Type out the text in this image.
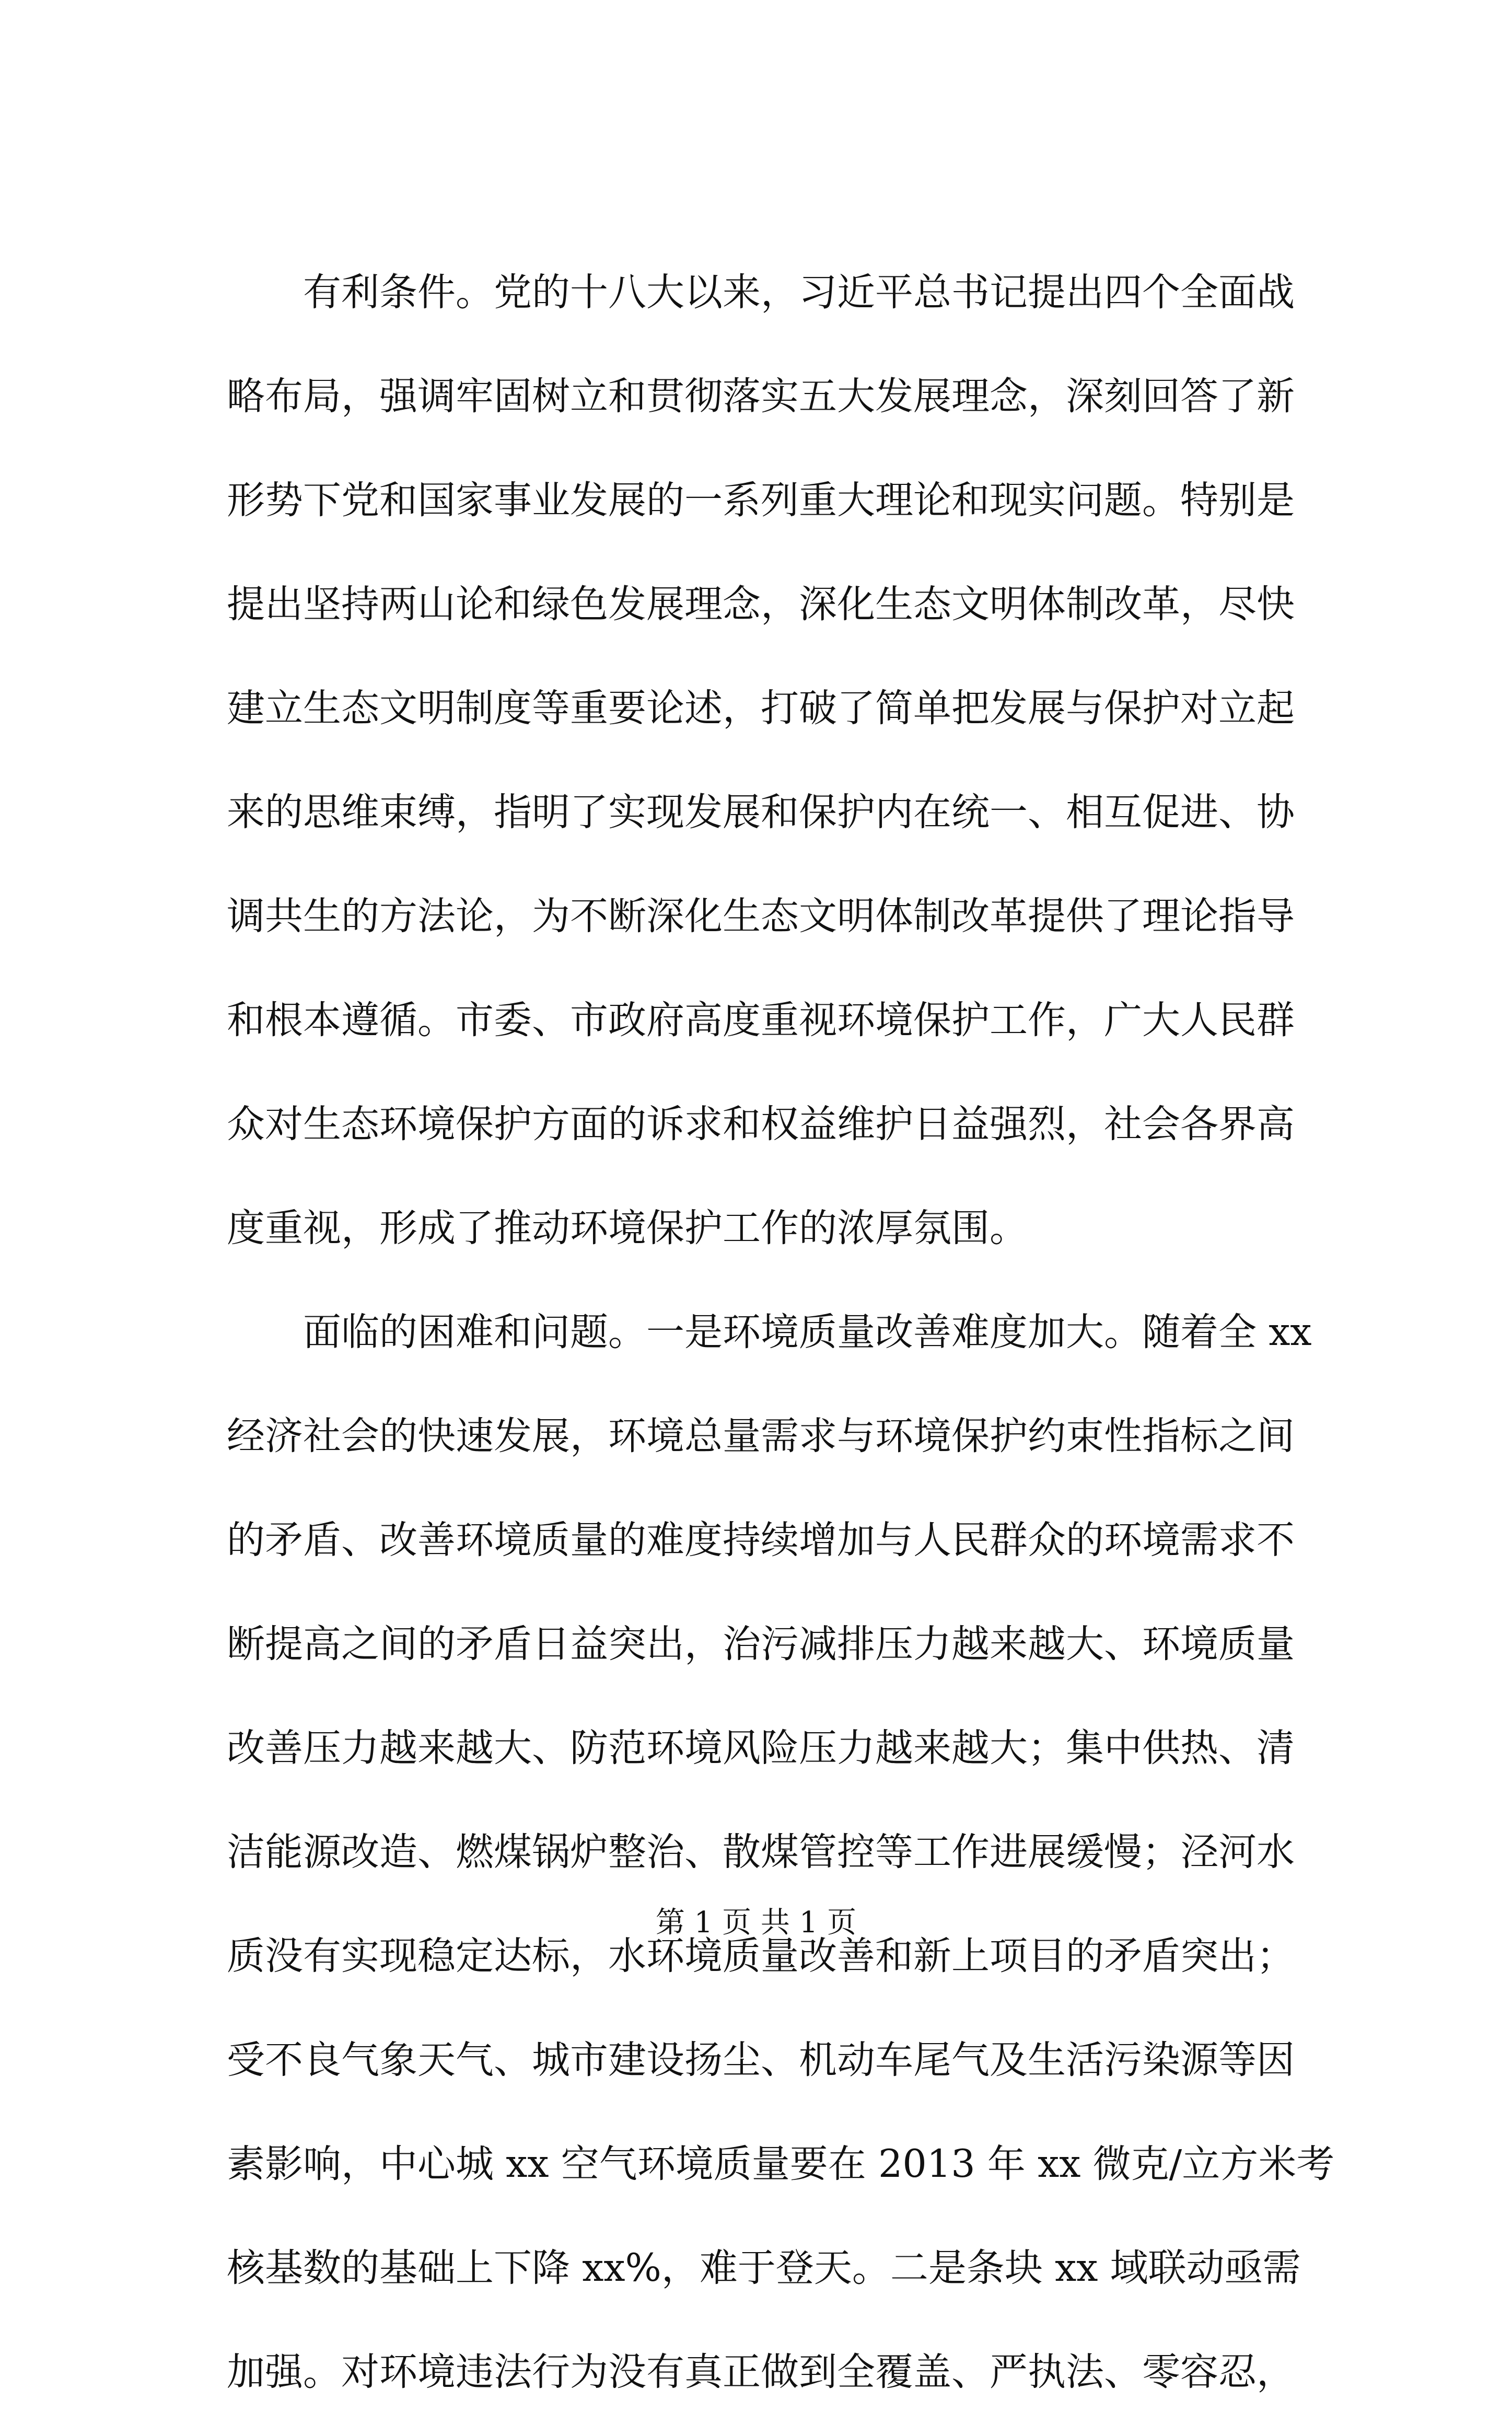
有利条件。党的十八大以来，习近平总书记提出四个全面战
略布局，强调牢固树立和贯彻落实五大发展理念，深刻回答了新
形势下党和国家事业发展的一系列重大理论和现实问题。特别是
提出坚持两山论和绿色发展理念，深化生态文明体制改革，尽快
建立生态文明制度等重要论述，打破了简单把发展与保护对立起
来的思维束缚，指明了实现发展和保护内在统一、相互促进、协
调共生的方法论，为不断深化生态文明体制改革提供了理论指导
和根本遵循。市委、市政府高度重视环境保护工作，广大人民群
众对生态环境保护方面的诉求和权益维护日益强烈，社会各界高
度重视，形成了推动环境保护工作的浓厚氛围。
面临的困难和问题。一是环境质量改善难度加大。随着全 xx
经济社会的快速发展，环境总量需求与环境保护约束性指标之间
的矛盾、改善环境质量的难度持续增加与人民群众的环境需求不
断提高之间的矛盾日益突出，治污减排压力越来越大、环境质量
改善压力越来越大、防范环境风险压力越来越大；集中供热、清
洁能源改造、燃煤锅炉整治、散煤管控等工作进展缓慢；泾河水
质没有实现稳定达标，水环境质量改善和新上项目的矛盾突出；
受不良气象天气、城市建设扬尘、机动车尾气及生活污染源等因
素影响，中心城 xx 空气环境质量要在 2013 年 xx 微克/立方米考
核基数的基础上下降 xx%，难于登天。二是条块 xx 域联动亟需
加强。对环境违法行为没有真正做到全覆盖、严执法、零容忍，
第 1 页 共 1 页
